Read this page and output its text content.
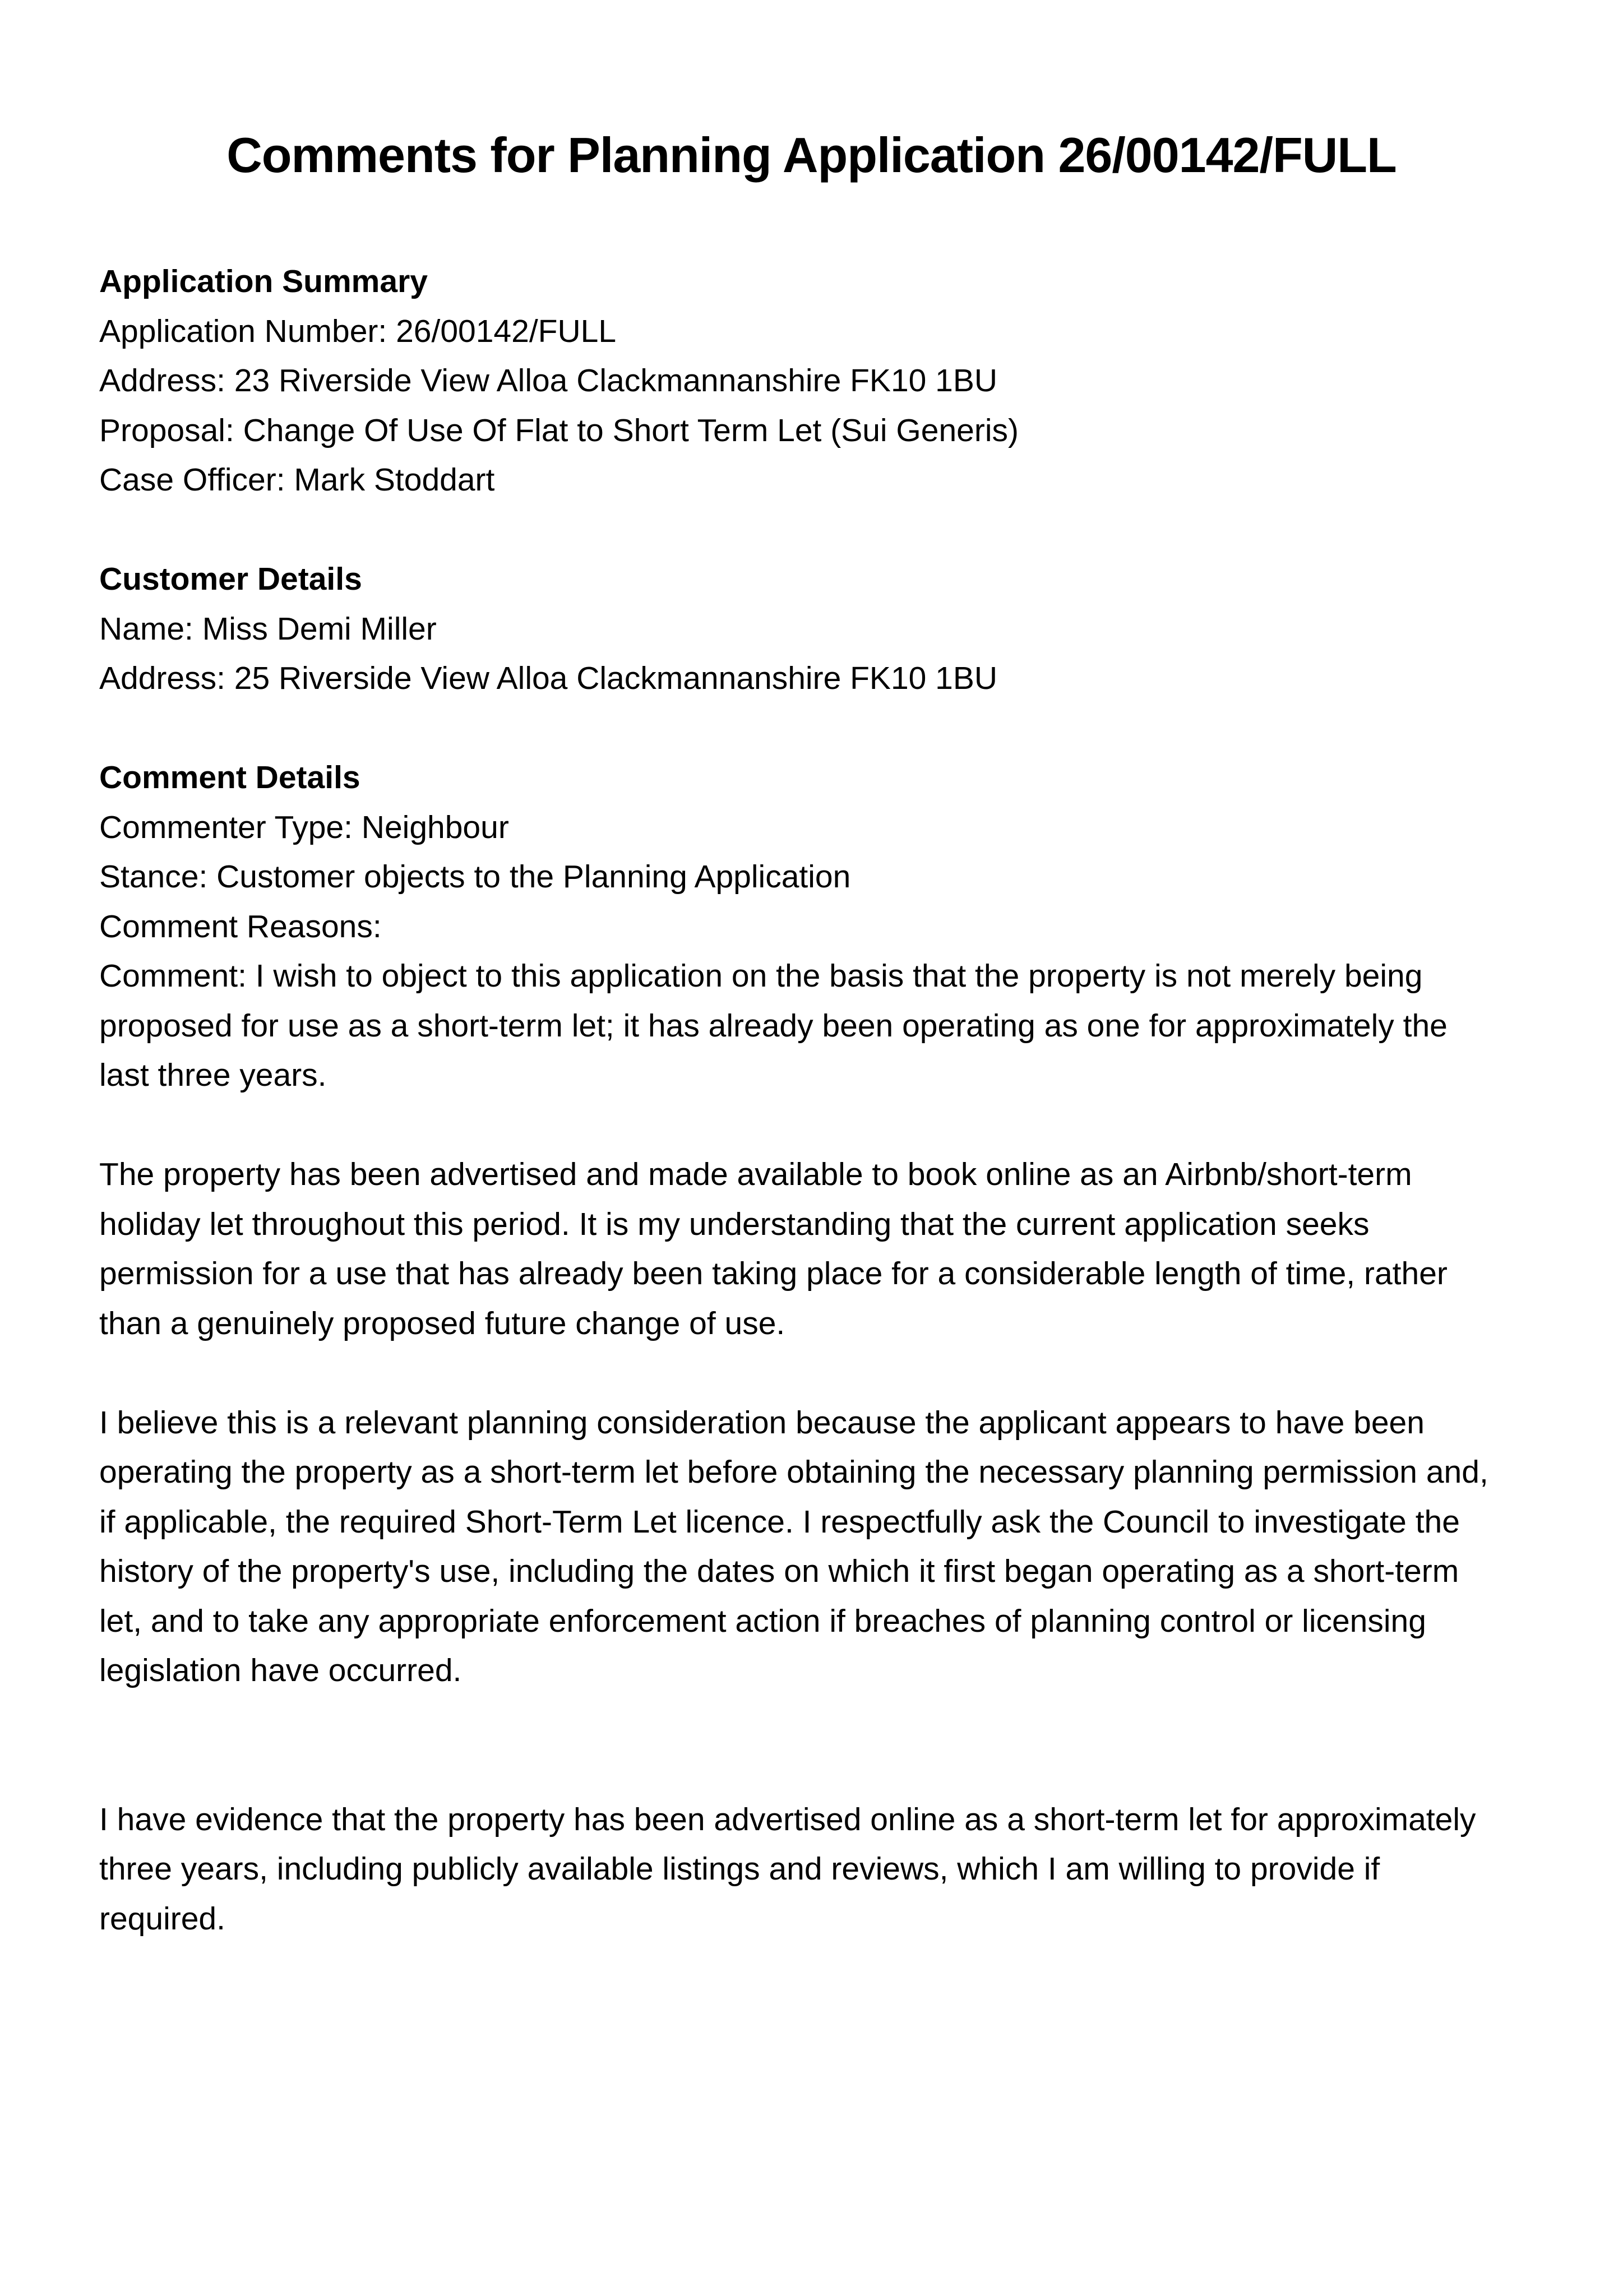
Comments for Planning Application 26/00142/FULL

Application Summary

Application Number: 26/00142/FULL

Address: 23 Riverside View Alloa Clackmannanshire FK10 1BU

Proposal: Change Of Use Of Flat to Short Term Let (Sui Generis)

Case Officer: Mark Stoddart

Customer Details

Name: Miss Demi Miller

Address: 25 Riverside View Alloa Clackmannanshire FK10 1BU

Comment Details

Commenter Type: Neighbour

Stance: Customer objects to the Planning Application

Comment Reasons:

Comment: I wish to object to this application on the basis that the property is not merely being
proposed for use as a short-term let; it has already been operating as one for approximately the
last three years.

The property has been advertised and made available to book online as an Airbnb/short-term
holiday let throughout this period. It is my understanding that the current application seeks
permission for a use that has already been taking place for a considerable length of time, rather
than a genuinely proposed future change of use.

I believe this is a relevant planning consideration because the applicant appears to have been
operating the property as a short-term let before obtaining the necessary planning permission and,
if applicable, the required Short-Term Let licence. I respectfully ask the Council to investigate the
history of the property's use, including the dates on which it first began operating as a short-term
let, and to take any appropriate enforcement action if breaches of planning control or licensing
legislation have occurred.

I have evidence that the property has been advertised online as a short-term let for approximately
three years, including publicly available listings and reviews, which I am willing to provide if
required.
